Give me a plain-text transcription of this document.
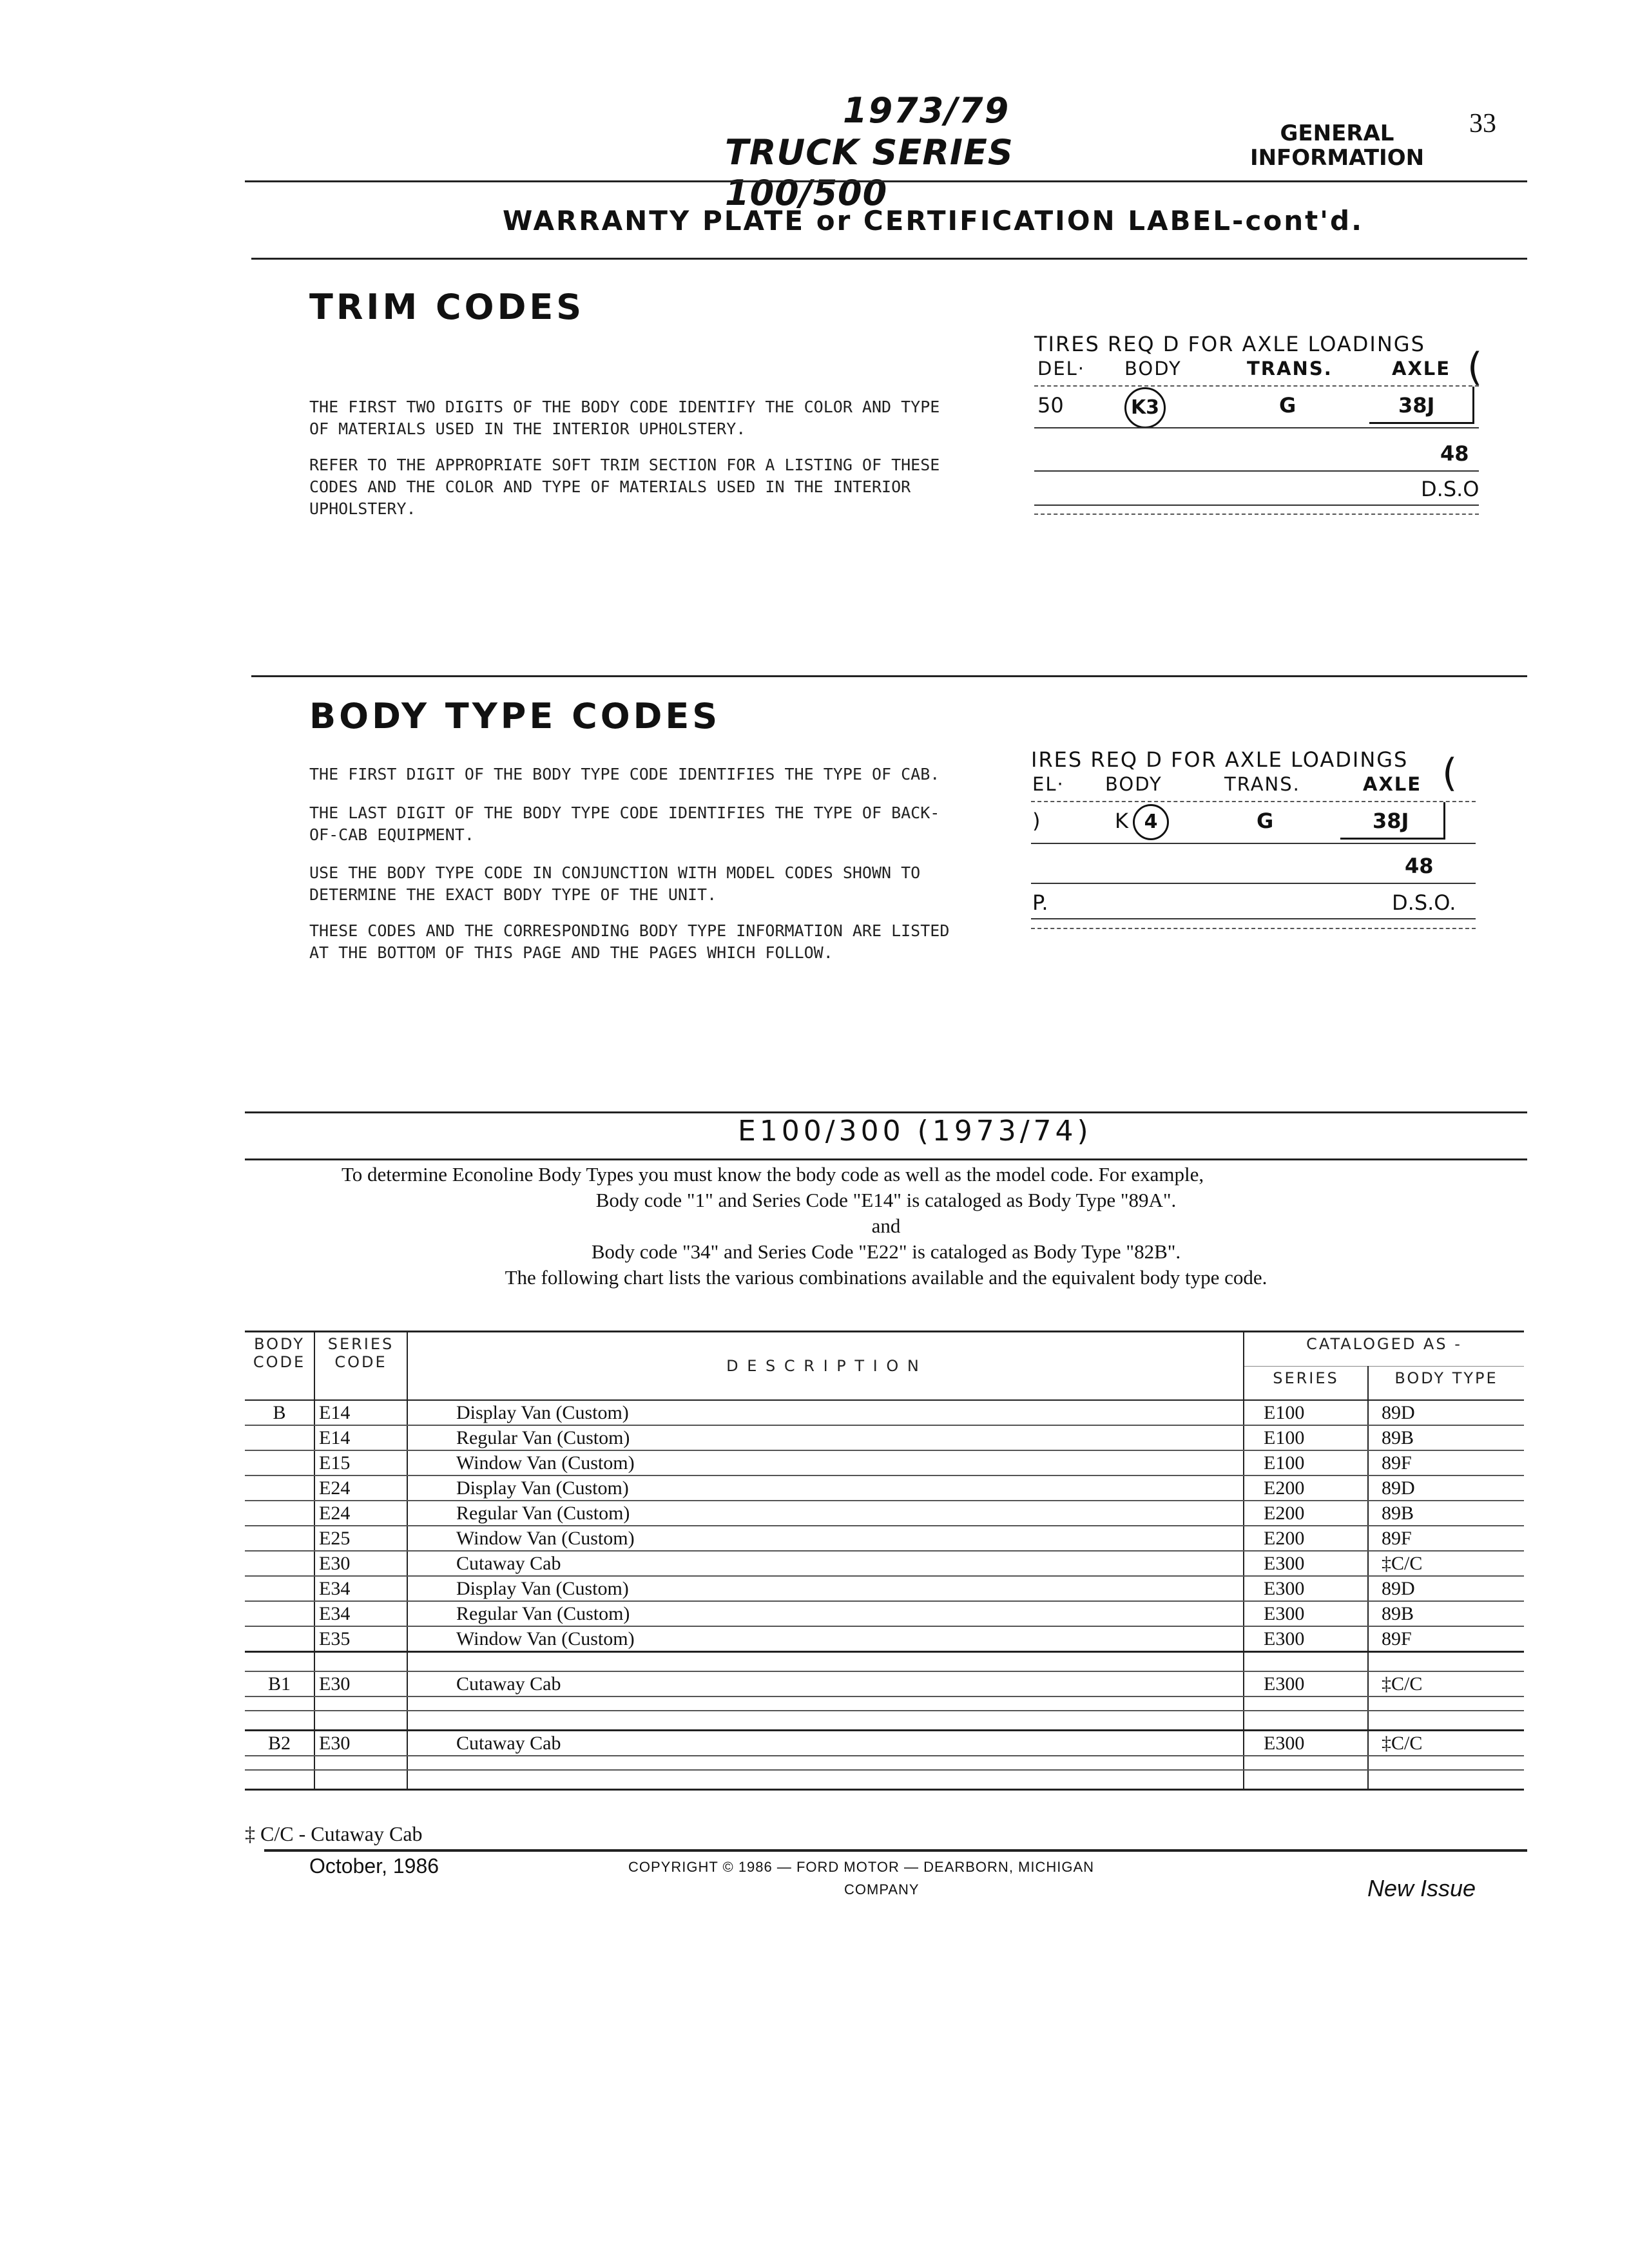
1973/79
TRUCK SERIES 100/500
GENERAL
INFORMATION
33
WARRANTY PLATE or CERTIFICATION LABEL-cont'd.
TRIM CODES
THE FIRST TWO DIGITS OF THE BODY CODE IDENTIFY THE COLOR AND TYPE OF MATERIALS USED IN THE INTERIOR UPHOLSTERY.
REFER TO THE APPROPRIATE SOFT TRIM SECTION FOR A LISTING OF THESE CODES AND THE COLOR AND TYPE OF MATERIALS USED IN THE INTERIOR UPHOLSTERY.
TIRES REQ D FOR AXLE LOADINGS
DEL· BODY	TRANS.	AXLE (
50	K3	G	38J
48
D.S.O
BODY TYPE CODES
THE FIRST DIGIT OF THE BODY TYPE CODE IDENTIFIES THE TYPE OF CAB.
THE LAST DIGIT OF THE BODY TYPE CODE IDENTIFIES THE TYPE OF BACK-OF-CAB EQUIPMENT.
USE THE BODY TYPE CODE IN CONJUNCTION WITH MODEL CODES SHOWN TO DETERMINE THE EXACT BODY TYPE OF THE UNIT.
THESE CODES AND THE CORRESPONDING BODY TYPE INFORMATION ARE LISTED AT THE BOTTOM OF THIS PAGE AND THE PAGES WHICH FOLLOW.
IRES REQ D FOR AXLE LOADINGS
EL· BODY	TRANS.	AXLE (
)	K 4	G	38J
48
P.	D.S.O.
E100/300 (1973/74)
To determine Econoline Body Types you must know the body code as well as the model code. For example,
Body code "1" and Series Code "E14" is cataloged as Body Type "89A".
and
Body code "34" and Series Code "E22" is cataloged as Body Type "82B".
The following chart lists the various combinations available and the equivalent body type code.
BODY CODE	SERIES CODE	D E S C R I P T I O N	CATALOGED AS -	
			SERIES	BODY TYPE
B	E14	Display Van (Custom)	E100	89D
	E14	Regular Van (Custom)	E100	89B
	E15	Window Van (Custom)	E100	89F
	E24	Display Van (Custom)	E200	89D
	E24	Regular Van (Custom)	E200	89B
	E25	Window Van (Custom)	E200	89F
	E30	Cutaway Cab	E300	‡C/C
	E34	Display Van (Custom)	E300	89D
	E34	Regular Van (Custom)	E300	89B
	E35	Window Van (Custom)	E300	89F

B1	E30	Cutaway Cab	E300	‡C/C

B2	E30	Cutaway Cab	E300	‡C/C

‡ C/C - Cutaway Cab
October, 1986	COPYRIGHT © 1986 — FORD MOTOR — DEARBORN, MICHIGAN
COMPANY	New Issue
